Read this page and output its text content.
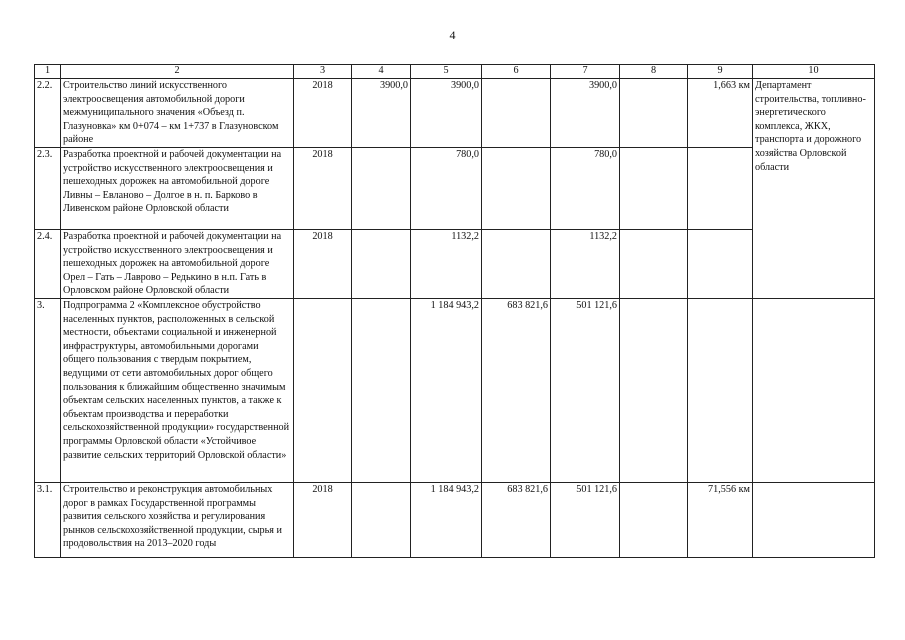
4
1	2	3	4	5	6	7	8	9	10
2.2.	Строительство линий искусственного электроосвещения автомобильной дороги межмуниципального значения «Объезд п. Глазуновка» км 0+074 – км 1+737 в Глазуновском районе	2018	3900,0	3900,0		3900,0		1,663 км	Департамент строительства, топливно-энергетического комплекса, ЖКХ, транспорта и дорожного хозяйства Орловской области
2.3.	Разработка проектной и рабочей документации на устройство искусственного электроосвещения и пешеходных дорожек на автомобильной дороге Ливны – Евланово – Долгое в н. п. Барково в Ливенском районе Орловской области	2018		780,0		780,0			
2.4.	Разработка проектной и рабочей документации на устройство искусственного электроосвещения и пешеходных дорожек на автомобильной дороге Орел – Гать – Лаврово – Редькино в н.п. Гать в Орловском районе Орловской области	2018		1132,2		1132,2			
3.	Подпрограмма 2 «Комплексное обустройство населенных пунктов, расположенных в сельской местности, объектами социальной и инженерной инфраструктуры, автомобильными дорогами общего пользования с твердым покрытием, ведущими от сети автомобильных дорог общего пользования к ближайшим общественно значимым объектам сельских населенных пунктов, а также к объектам производства и переработки сельскохозяйственной продукции» государственной программы Орловской области «Устойчивое развитие сельских территорий Орловской области»			1 184 943,2	683 821,6	501 121,6			
3.1.	Строительство и реконструкция автомобильных дорог в рамках Государственной программы развития сельского хозяйства и регулирования рынков сельскохозяйственной продукции, сырья и продовольствия на 2013–2020 годы	2018		1 184 943,2	683 821,6	501 121,6		71,556 км	
